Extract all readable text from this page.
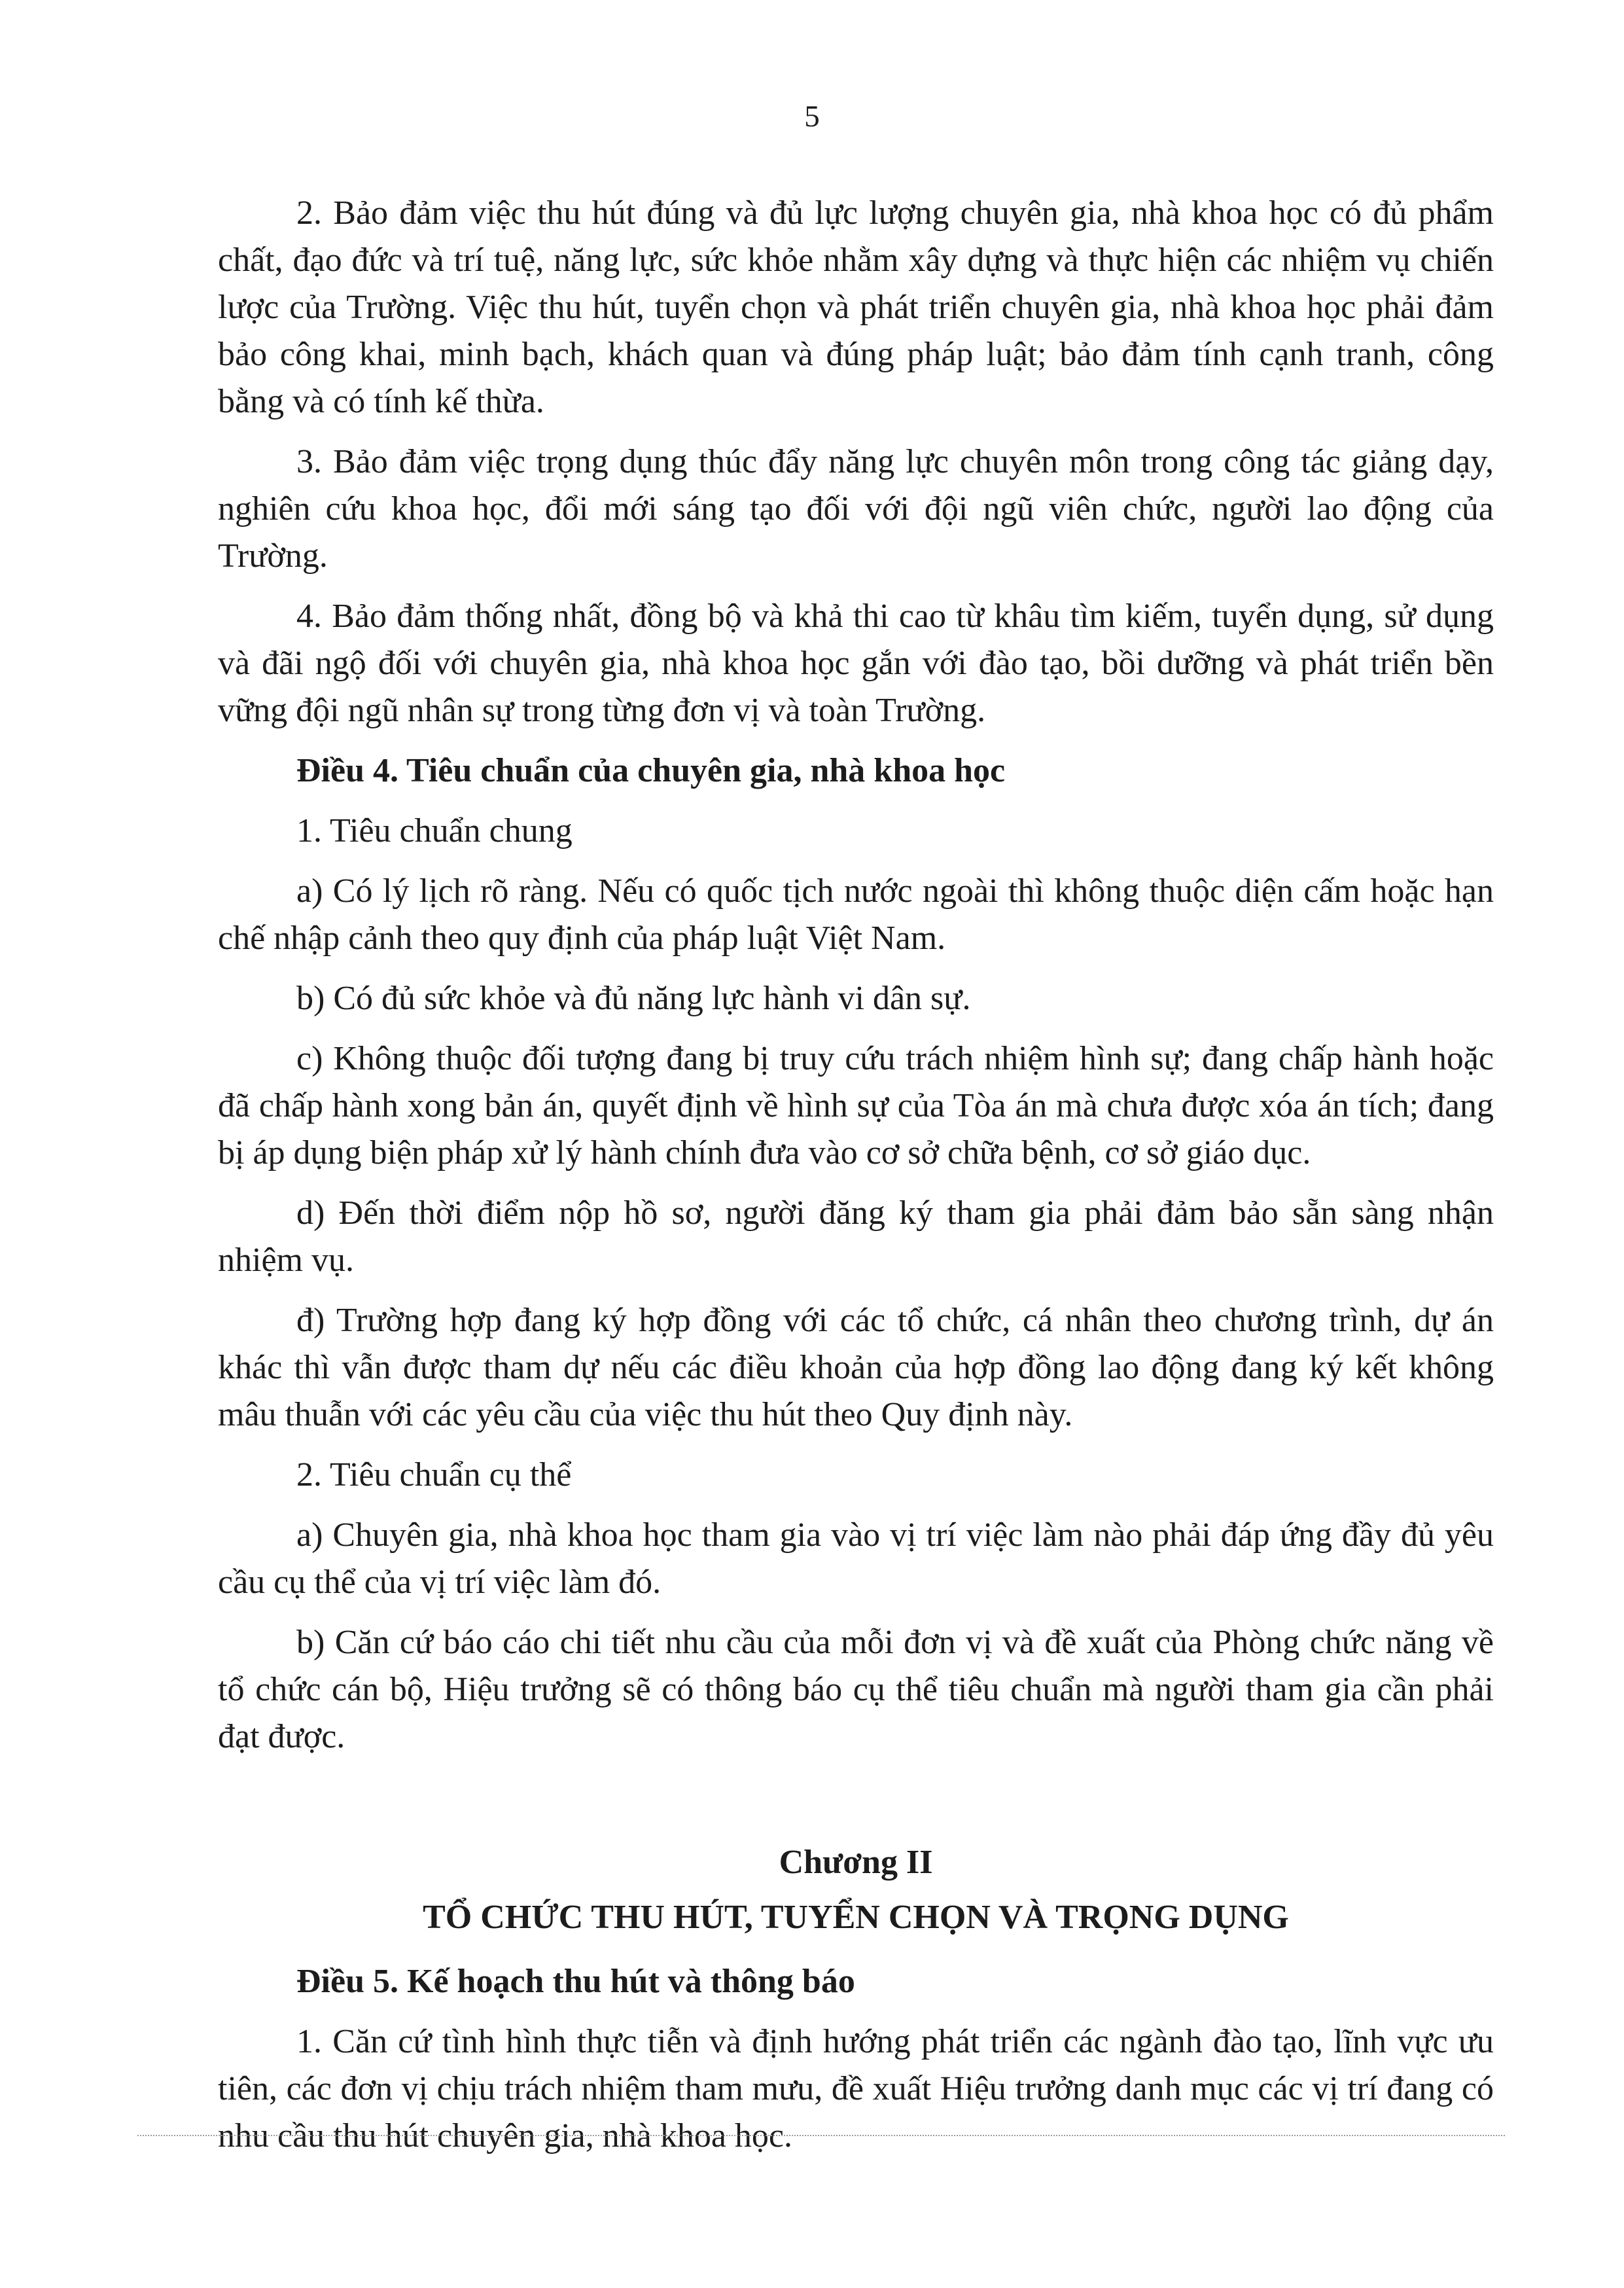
5

2. Bảo đảm việc thu hút đúng và đủ lực lượng chuyên gia, nhà khoa học có đủ phẩm chất, đạo đức và trí tuệ, năng lực, sức khỏe nhằm xây dựng và thực hiện các nhiệm vụ chiến lược của Trường. Việc thu hút, tuyển chọn và phát triển chuyên gia, nhà khoa học phải đảm bảo công khai, minh bạch, khách quan và đúng pháp luật; bảo đảm tính cạnh tranh, công bằng và có tính kế thừa.

3. Bảo đảm việc trọng dụng thúc đẩy năng lực chuyên môn trong công tác giảng dạy, nghiên cứu khoa học, đổi mới sáng tạo đối với đội ngũ viên chức, người lao động của Trường.

4. Bảo đảm thống nhất, đồng bộ và khả thi cao từ khâu tìm kiếm, tuyển dụng, sử dụng và đãi ngộ đối với chuyên gia, nhà khoa học gắn với đào tạo, bồi dưỡng và phát triển bền vững đội ngũ nhân sự trong từng đơn vị và toàn Trường.

Điều 4. Tiêu chuẩn của chuyên gia, nhà khoa học

1. Tiêu chuẩn chung

a) Có lý lịch rõ ràng. Nếu có quốc tịch nước ngoài thì không thuộc diện cấm hoặc hạn chế nhập cảnh theo quy định của pháp luật Việt Nam.

b) Có đủ sức khỏe và đủ năng lực hành vi dân sự.

c) Không thuộc đối tượng đang bị truy cứu trách nhiệm hình sự; đang chấp hành hoặc đã chấp hành xong bản án, quyết định về hình sự của Tòa án mà chưa được xóa án tích; đang bị áp dụng biện pháp xử lý hành chính đưa vào cơ sở chữa bệnh, cơ sở giáo dục.

d) Đến thời điểm nộp hồ sơ, người đăng ký tham gia phải đảm bảo sẵn sàng nhận nhiệm vụ.

đ) Trường hợp đang ký hợp đồng với các tổ chức, cá nhân theo chương trình, dự án khác thì vẫn được tham dự nếu các điều khoản của hợp đồng lao động đang ký kết không mâu thuẫn với các yêu cầu của việc thu hút theo Quy định này.

2. Tiêu chuẩn cụ thể

a) Chuyên gia, nhà khoa học tham gia vào vị trí việc làm nào phải đáp ứng đầy đủ yêu cầu cụ thể của vị trí việc làm đó.

b) Căn cứ báo cáo chi tiết nhu cầu của mỗi đơn vị và đề xuất của Phòng chức năng về tổ chức cán bộ, Hiệu trưởng sẽ có thông báo cụ thể tiêu chuẩn mà người tham gia cần phải đạt được.

Chương II

TỔ CHỨC THU HÚT, TUYỂN CHỌN VÀ TRỌNG DỤNG

Điều 5. Kế hoạch thu hút và thông báo

1. Căn cứ tình hình thực tiễn và định hướng phát triển các ngành đào tạo, lĩnh vực ưu tiên, các đơn vị chịu trách nhiệm tham mưu, đề xuất Hiệu trưởng danh mục các vị trí đang có nhu cầu thu hút chuyên gia, nhà khoa học.
